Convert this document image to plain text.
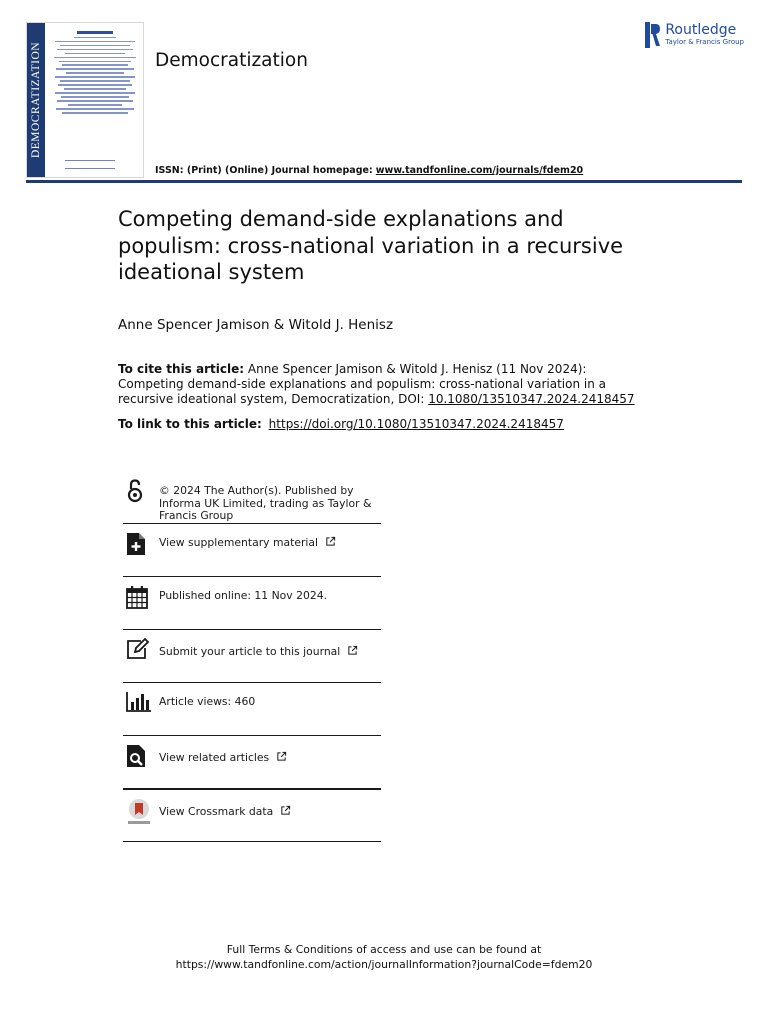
DEMOCRATIZATION	Democratization
ISSN: (Print) (Online) Journal homepage: www.tandfonline.com/journals/fdem20
Routledge
Taylor & Francis Group
Competing demand-side explanations and populism: cross-national variation in a recursive ideational system
Anne Spencer Jamison & Witold J. Henisz
To cite this article: Anne Spencer Jamison & Witold J. Henisz (11 Nov 2024): Competing demand-side explanations and populism: cross-national variation in a recursive ideational system, Democratization, DOI: 10.1080/13510347.2024.2418457
To link to this article: https://doi.org/10.1080/13510347.2024.2418457
© 2024 The Author(s). Published by Informa UK Limited, trading as Taylor & Francis Group
View supplementary material
Published online: 11 Nov 2024.
Submit your article to this journal
Article views: 460
View related articles
View Crossmark data
Full Terms & Conditions of access and use can be found at
https://www.tandfonline.com/action/journalInformation?journalCode=fdem20
